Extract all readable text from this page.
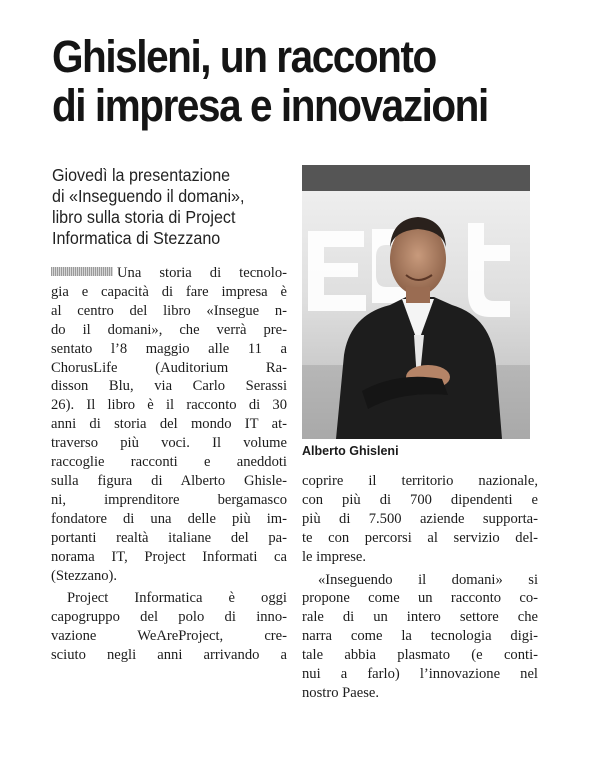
Ghisleni, un racconto
di impresa e innovazioni
Giovedì la presentazione
di «Inseguendo il domani»,
libro sulla storia di Project
Informatica di Stezzano
Una storia di tecnolo-
gia e capacità di fare impresa è
al centro del libro «Insegue n-
do il domani», che verrà pre-
sentato l’8 maggio alle 11 a
ChorusLife (Auditorium Ra-
disson Blu, via Carlo Serassi
26). Il libro è il racconto di 30
anni di storia del mondo IT at-
traverso più voci. Il volume
raccoglie racconti e aneddoti
sulla figura di Alberto Ghisle-
ni, imprenditore bergamasco
fondatore di una delle più im-
portanti realtà italiane del pa-
norama IT, Project Informati ca
(Stezzano).
Project Informatica è oggi
capogruppo del polo di inno-
vazione WeAreProject, cre-
sciuto negli anni arrivando a
Alberto Ghisleni
coprire il territorio nazionale,
con più di 700 dipendenti e
più di 7.500 aziende supporta-
te con percorsi al servizio del-
le imprese.
«Inseguendo il domani» si
propone come un racconto co-
rale di un intero settore che
narra come la tecnologia digi-
tale abbia plasmato (e conti-
nui a farlo) l’innovazione nel
nostro Paese.
